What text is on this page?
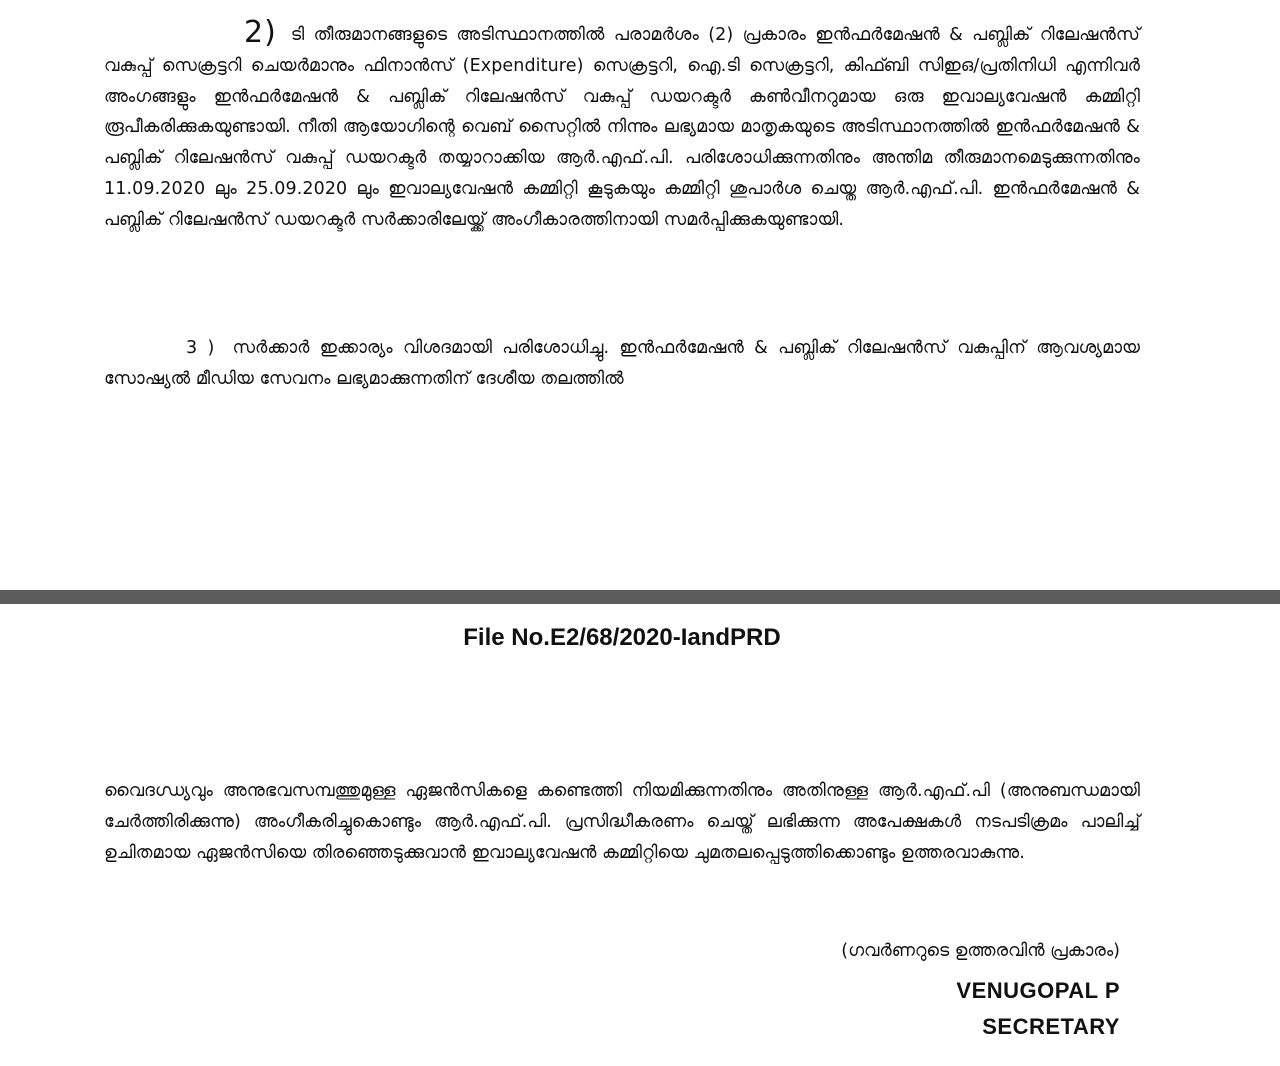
2) ടി തീരുമാനങ്ങളുടെ അടിസ്ഥാനത്തിൽ പരാമർശം (2) പ്രകാരം ഇൻഫർമേഷൻ & പബ്ലിക് റിലേഷൻസ് വകുപ്പ് സെക്രട്ടറി ചെയർമാനും ഫിനാൻസ് (Expenditure) സെക്രട്ടറി, ഐ.ടി സെക്രട്ടറി, കിഫ്ബി സിഇഒ/പ്രതിനിധി എന്നിവർ അംഗങ്ങളും ഇൻഫർമേഷൻ & പബ്ലിക് റിലേഷൻസ് വകുപ്പ് ഡയറക്ടർ കൺവീനറുമായ ഒരു ഇവാല്യവേഷൻ കമ്മിറ്റി രൂപീകരിക്കുകയുണ്ടായി. നീതി ആയോഗിന്റെ വെബ് സൈറ്റിൽ നിന്നും ലഭ്യമായ മാതൃകയുടെ അടിസ്ഥാനത്തിൽ ഇൻഫർമേഷൻ & പബ്ലിക് റിലേഷൻസ് വകുപ്പ് ഡയറക്ടർ തയ്യാറാക്കിയ ആർ.എഫ്.പി. പരിശോധിക്കുന്നതിനും അന്തിമ തീരുമാനമെടുക്കുന്നതിനും 11.09.2020 ലും 25.09.2020 ലും ഇവാല്യവേഷൻ കമ്മിറ്റി കൂടുകയും കമ്മിറ്റി ശുപാർശ ചെയ്ത ആർ.എഫ്.പി. ഇൻഫർമേഷൻ & പബ്ലിക് റിലേഷൻസ് ഡയറക്ടർ സർക്കാരിലേയ്ക്ക് അംഗീകാരത്തിനായി സമർപ്പിക്കുകയുണ്ടായി.

3 ) സർക്കാർ ഇക്കാര്യം വിശദമായി പരിശോധിച്ചു. ഇൻഫർമേഷൻ & പബ്ലിക് റിലേഷൻസ് വകുപ്പിന് ആവശ്യമായ സോഷ്യൽ മീഡിയ സേവനം ലഭ്യമാക്കുന്നതിന് ദേശീയ തലത്തിൽ

File No.E2/68/2020-IandPRD

വൈദഗ്ധ്യവും അനുഭവസമ്പത്തുമുള്ള ഏജൻസികളെ കണ്ടെത്തി നിയമിക്കുന്നതിനും അതിനുള്ള ആർ.എഫ്.പി (അനുബന്ധമായി ചേർത്തിരിക്കുന്നു) അംഗീകരിച്ചുകൊണ്ടും ആർ.എഫ്.പി. പ്രസിദ്ധീകരണം ചെയ്ത് ലഭിക്കുന്ന അപേക്ഷകൾ നടപടിക്രമം പാലിച്ച് ഉചിതമായ ഏജൻസിയെ തിരഞ്ഞെടുക്കുവാൻ ഇവാല്യവേഷൻ കമ്മിറ്റിയെ ചുമതലപ്പെടുത്തിക്കൊണ്ടും ഉത്തരവാകുന്നു.

(ഗവർണറുടെ ഉത്തരവിൻ പ്രകാരം)
VENUGOPAL P
SECRETARY
